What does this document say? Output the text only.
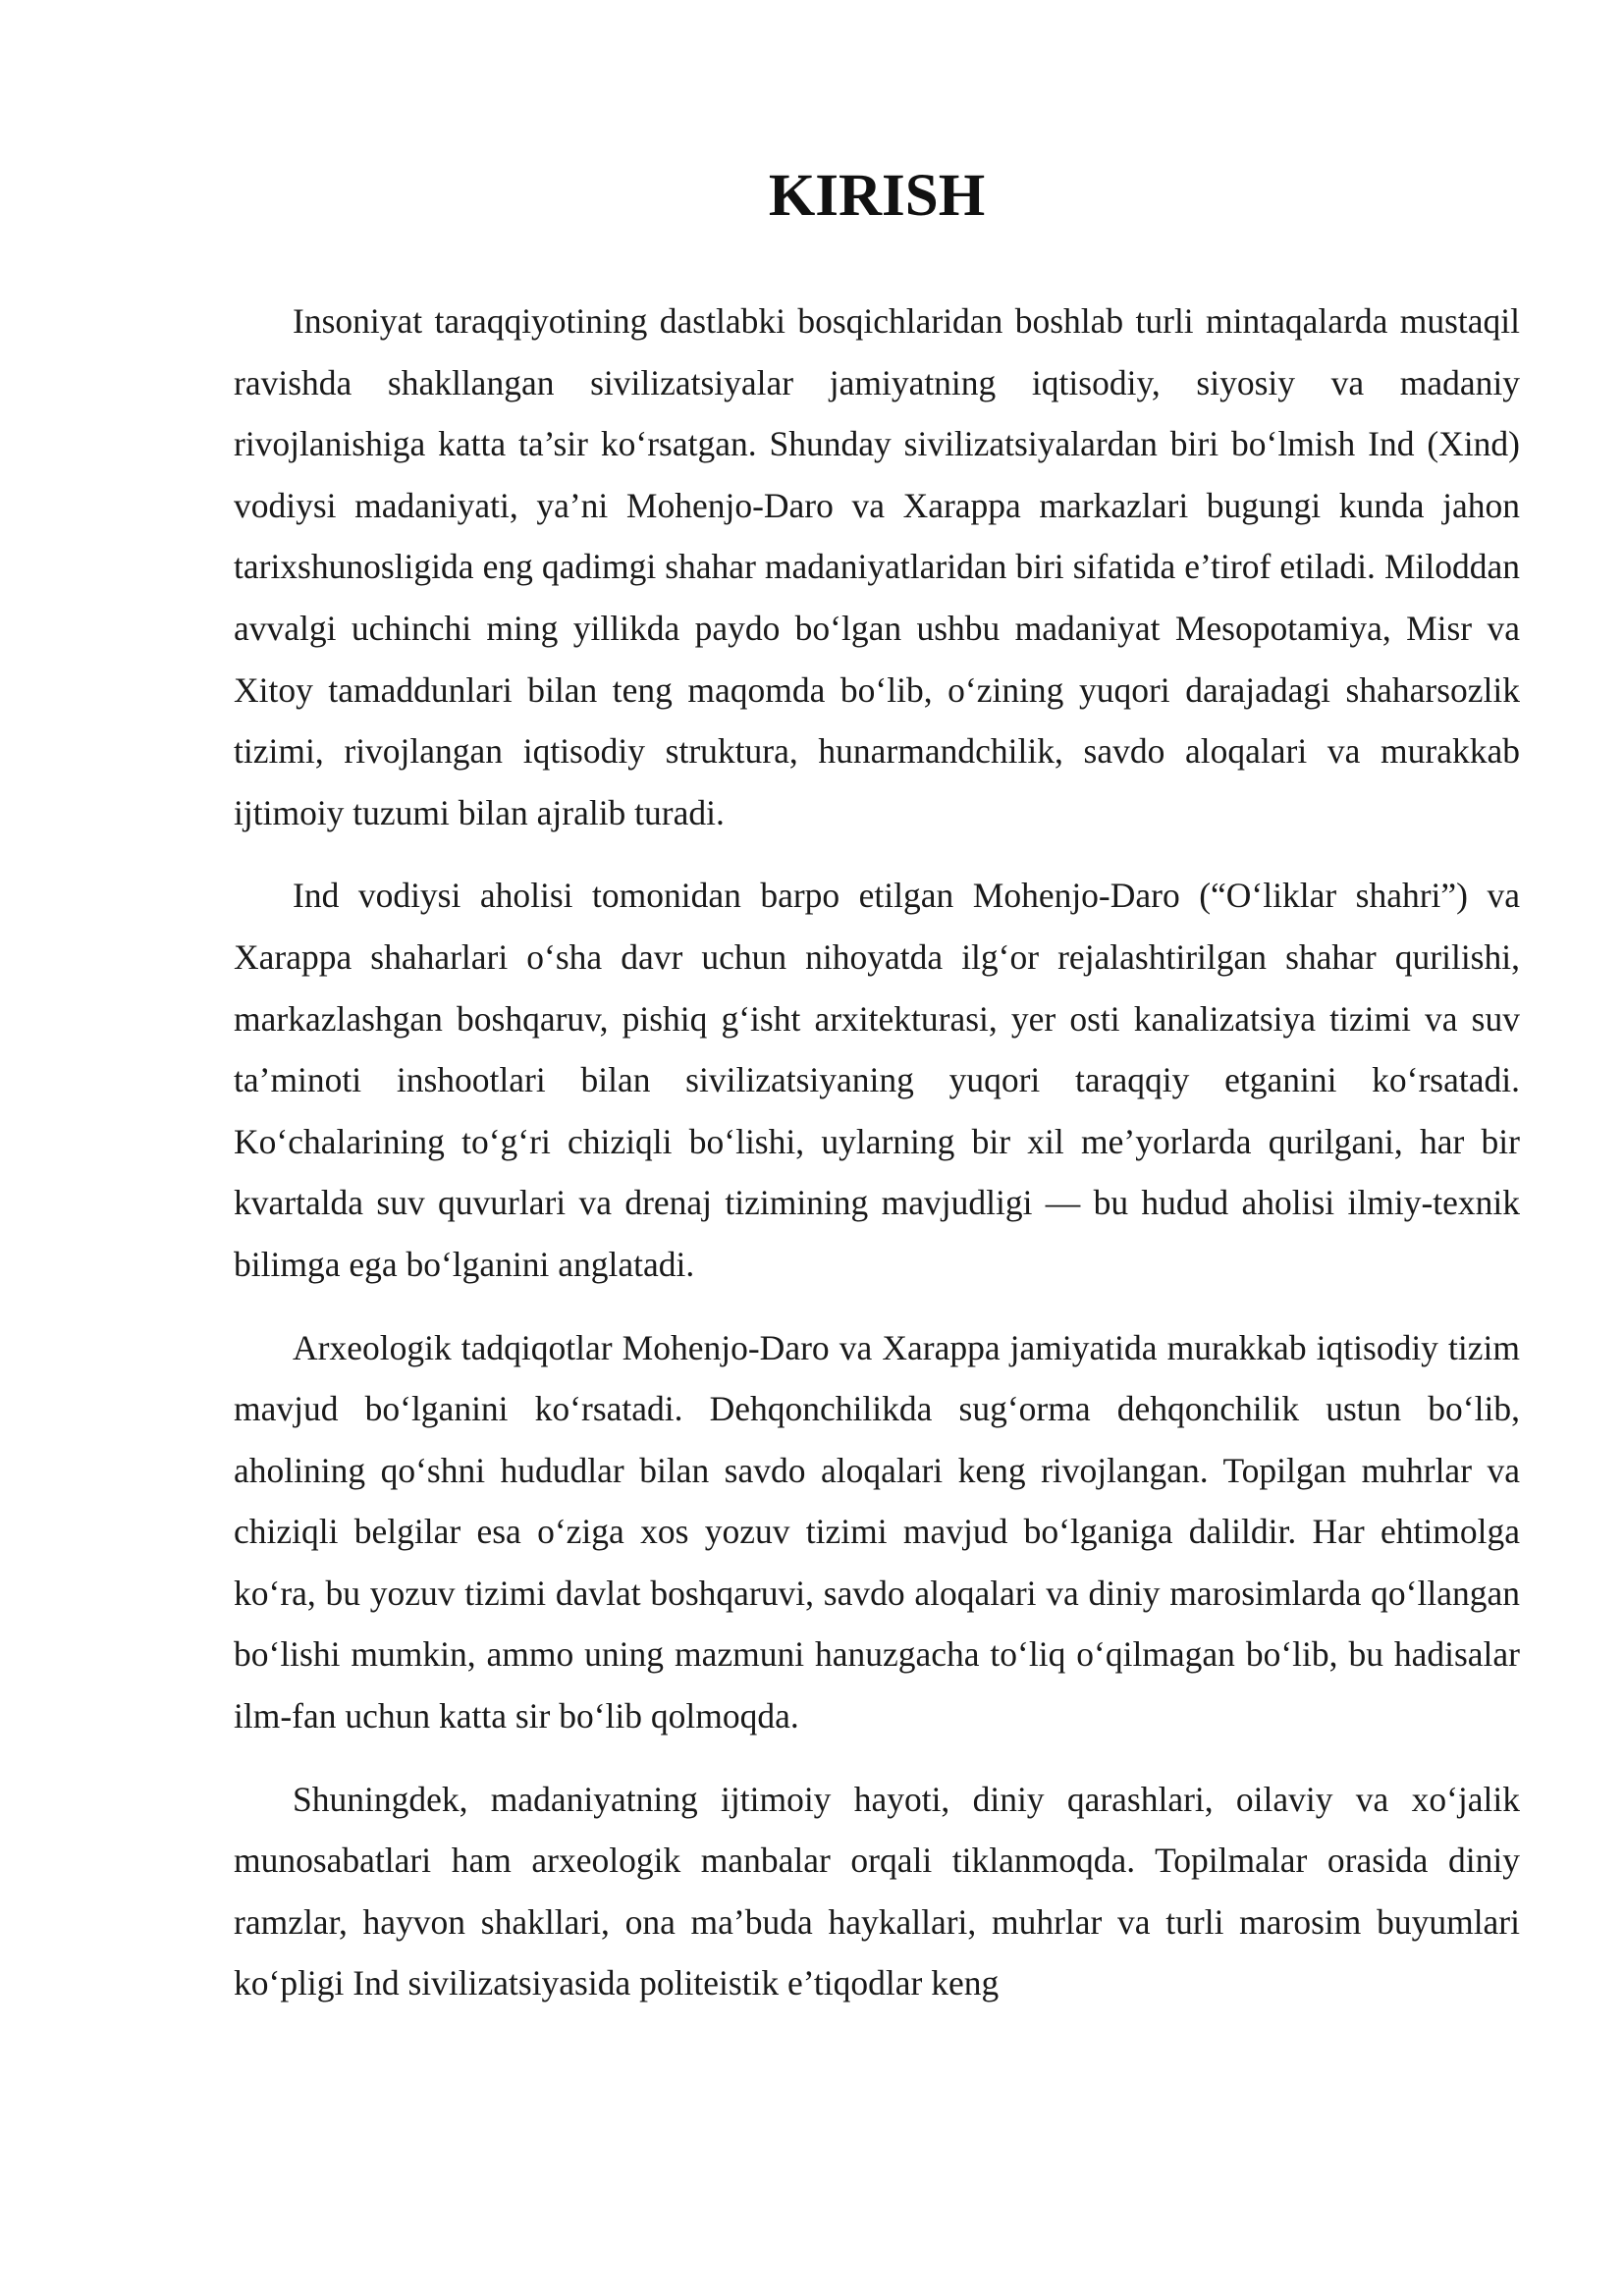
KIRISH

Insoniyat taraqqiyotining dastlabki bosqichlaridan boshlab turli mintaqalarda mustaqil ravishda shakllangan sivilizatsiyalar jamiyatning iqtisodiy, siyosiy va madaniy rivojlanishiga katta ta’sir ko‘rsatgan. Shunday sivilizatsiyalardan biri bo‘lmish Ind (Xind) vodiysi madaniyati, ya’ni Mohenjo-Daro va Xarappa markazlari bugungi kunda jahon tarixshunosligida eng qadimgi shahar madaniyatlaridan biri sifatida e’tirof etiladi. Miloddan avvalgi uchinchi ming yillikda paydo bo‘lgan ushbu madaniyat Mesopotamiya, Misr va Xitoy tamaddunlari bilan teng maqomda bo‘lib, o‘zining yuqori darajadagi shaharsozlik tizimi, rivojlangan iqtisodiy struktura, hunarmandchilik, savdo aloqalari va murakkab ijtimoiy tuzumi bilan ajralib turadi.

Ind vodiysi aholisi tomonidan barpo etilgan Mohenjo-Daro (“O‘liklar shahri”) va Xarappa shaharlari o‘sha davr uchun nihoyatda ilg‘or rejalashtirilgan shahar qurilishi, markazlashgan boshqaruv, pishiq g‘isht arxitekturasi, yer osti kanalizatsiya tizimi va suv ta’minoti inshootlari bilan sivilizatsiyaning yuqori taraqqiy etganini ko‘rsatadi. Ko‘chalarining to‘g‘ri chiziqli bo‘lishi, uylarning bir xil me’yorlarda qurilgani, har bir kvartalda suv quvurlari va drenaj tizimining mavjudligi — bu hudud aholisi ilmiy-texnik bilimga ega bo‘lganini anglatadi.

Arxeologik tadqiqotlar Mohenjo-Daro va Xarappa jamiyatida murakkab iqtisodiy tizim mavjud bo‘lganini ko‘rsatadi. Dehqonchilikda sug‘orma dehqonchilik ustun bo‘lib, aholining qo‘shni hududlar bilan savdo aloqalari keng rivojlangan. Topilgan muhrlar va chiziqli belgilar esa o‘ziga xos yozuv tizimi mavjud bo‘lganiga dalildir. Har ehtimolga ko‘ra, bu yozuv tizimi davlat boshqaruvi, savdo aloqalari va diniy marosimlarda qo‘llangan bo‘lishi mumkin, ammo uning mazmuni hanuzgacha to‘liq o‘qilmagan bo‘lib, bu hadisalar ilm-fan uchun katta sir bo‘lib qolmoqda.

Shuningdek, madaniyatning ijtimoiy hayoti, diniy qarashlari, oilaviy va xo‘jalik munosabatlari ham arxeologik manbalar orqali tiklanmoqda. Topilmalar orasida diniy ramzlar, hayvon shakllari, ona ma’buda haykallari, muhrlar va turli marosim buyumlari ko‘pligi Ind sivilizatsiyasida politeistik e’tiqodlar keng
